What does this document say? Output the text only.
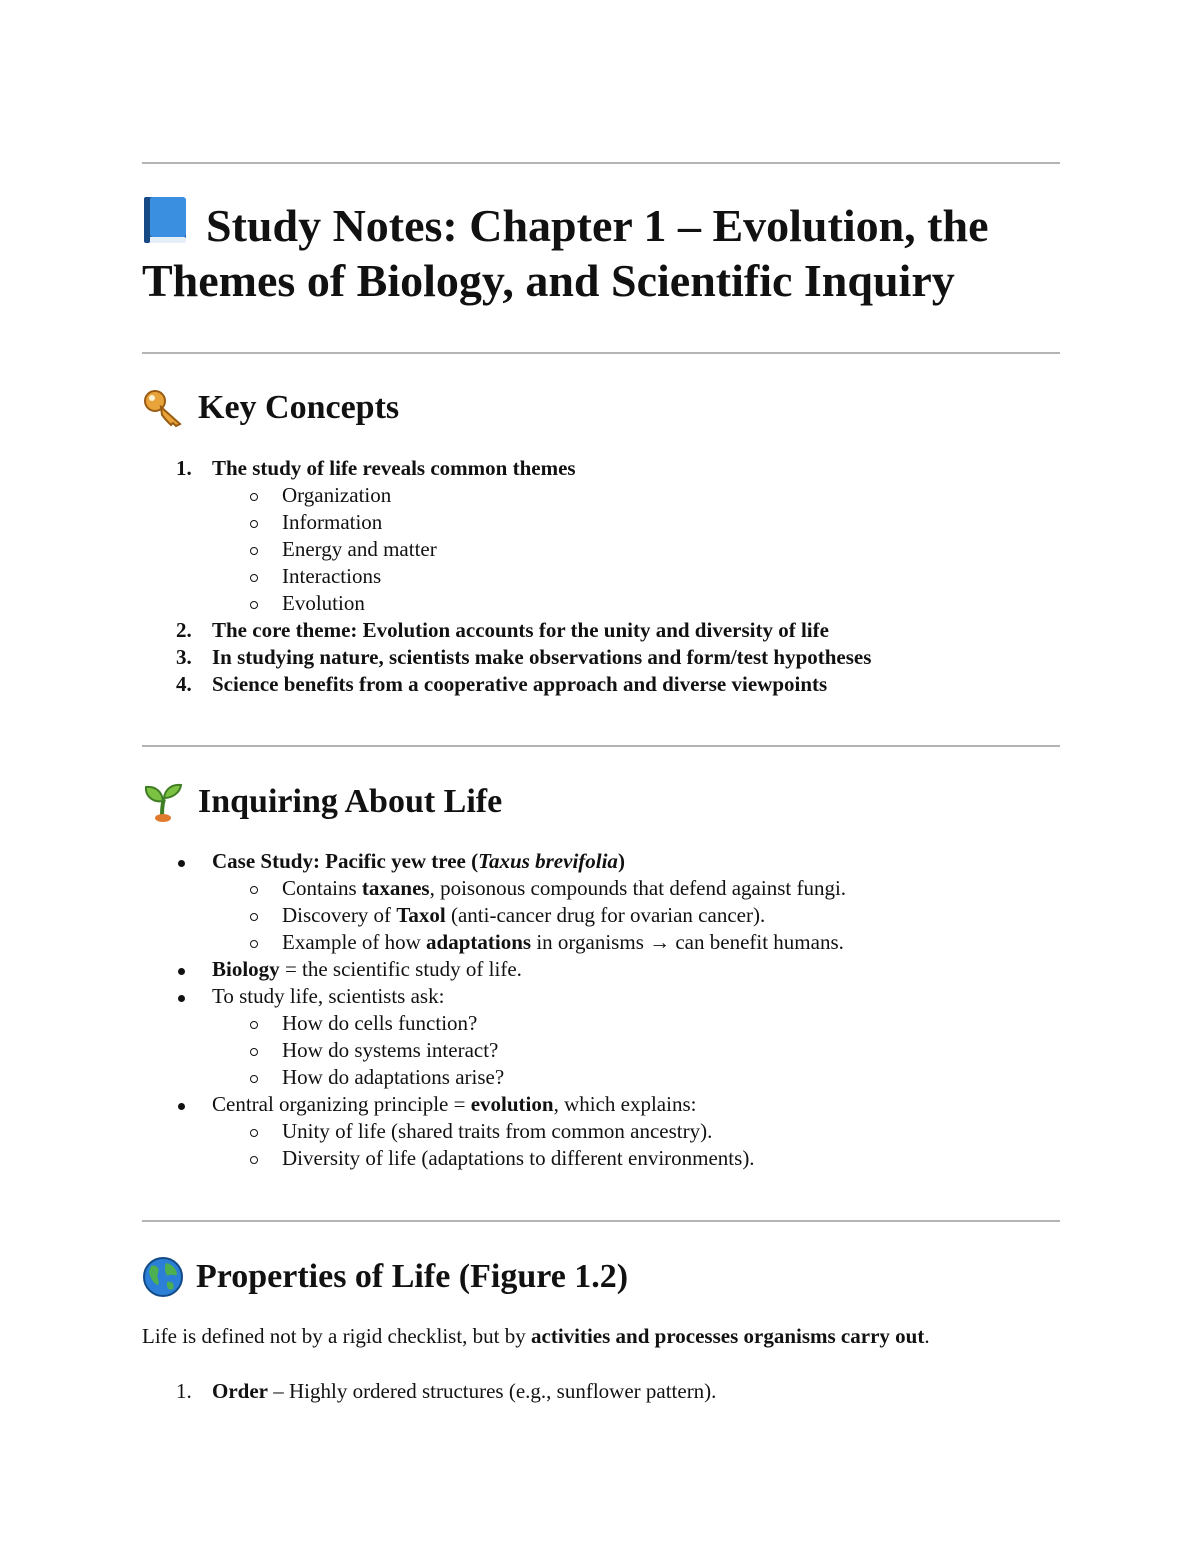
Study Notes: Chapter 1 – Evolution, the Themes of Biology, and Scientific Inquiry
Key Concepts
1. The study of life reveals common themes
Organization
Information
Energy and matter
Interactions
Evolution
2. The core theme: Evolution accounts for the unity and diversity of life
3. In studying nature, scientists make observations and form/test hypotheses
4. Science benefits from a cooperative approach and diverse viewpoints
Inquiring About Life
Case Study: Pacific yew tree (Taxus brevifolia)
Contains taxanes, poisonous compounds that defend against fungi.
Discovery of Taxol (anti-cancer drug for ovarian cancer).
Example of how adaptations in organisms → can benefit humans.
Biology = the scientific study of life.
To study life, scientists ask:
How do cells function?
How do systems interact?
How do adaptations arise?
Central organizing principle = evolution, which explains:
Unity of life (shared traits from common ancestry).
Diversity of life (adaptations to different environments).
Properties of Life (Figure 1.2)

Life is defined not by a rigid checklist, but by activities and processes organisms carry out.

1. Order – Highly ordered structures (e.g., sunflower pattern).
